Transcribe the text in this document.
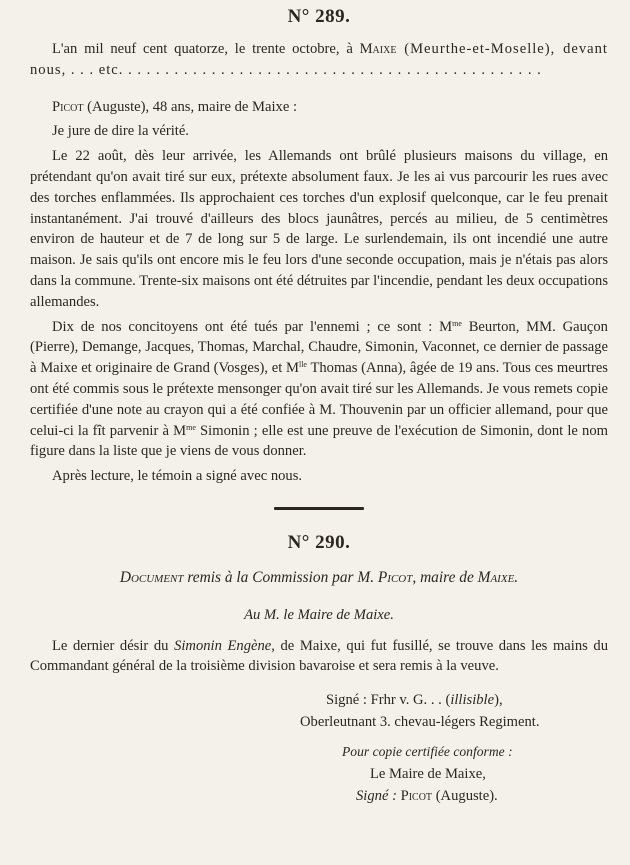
N° 289.

L'an mil neuf cent quatorze, le trente octobre, à Maixe (Meurthe-et-Moselle), devant nous, . . . etc. . . . . . . . . . . . . . . . . . . . . . . . . . . . . . . . . . . . . . . . . . . . . .

Picot (Auguste), 48 ans, maire de Maixe :

Je jure de dire la vérité.

Le 22 août, dès leur arrivée, les Allemands ont brûlé plusieurs maisons du village, en prétendant qu'on avait tiré sur eux, prétexte absolument faux. Je les ai vus parcourir les rues avec des torches enflammées. Ils approchaient ces torches d'un explosif quelconque, car le feu prenait instantanément. J'ai trouvé d'ailleurs des blocs jaunâtres, percés au milieu, de 5 centimètres environ de hauteur et de 7 de long sur 5 de large. Le surlendemain, ils ont incendié une autre maison. Je sais qu'ils ont encore mis le feu lors d'une seconde occupation, mais je n'étais pas alors dans la commune. Trente-six maisons ont été détruites par l'incendie, pendant les deux occupations allemandes.

Dix de nos concitoyens ont été tués par l'ennemi ; ce sont : $M^{me}$ Beurton, MM. Gauçon (Pierre), Demange, Jacques, Thomas, Marchal, Chaudre, Simonin, Vaconnet, ce dernier de passage à Maixe et originaire de Grand (Vosges), et $M^{lle}$ Thomas (Anna), âgée de 19 ans. Tous ces meurtres ont été commis sous le prétexte mensonger qu'on avait tiré sur les Allemands. Je vous remets copie certifiée d'une note au crayon qui a été confiée à M. Thouvenin par un officier allemand, pour que celui-ci la fît parvenir à $M^{me}$ Simonin ; elle est une preuve de l'exécution de Simonin, dont le nom figure dans la liste que je viens de vous donner.

Après lecture, le témoin a signé avec nous.

N° 290.

Document remis à la Commission par M. Picot, maire de Maixe.

Au M. le Maire de Maixe.

Le dernier désir du Simonin Engène, de Maixe, qui fut fusillé, se trouve dans les mains du Commandant général de la troisième division bavaroise et sera remis à la veuve.

Signé : Frhr v. G. . . (illisible),
Oberleutnant 3. chevau-légers Regiment.
Pour copie certifiée conforme :
Le Maire de Maixe,
Signé : Picot (Auguste).
